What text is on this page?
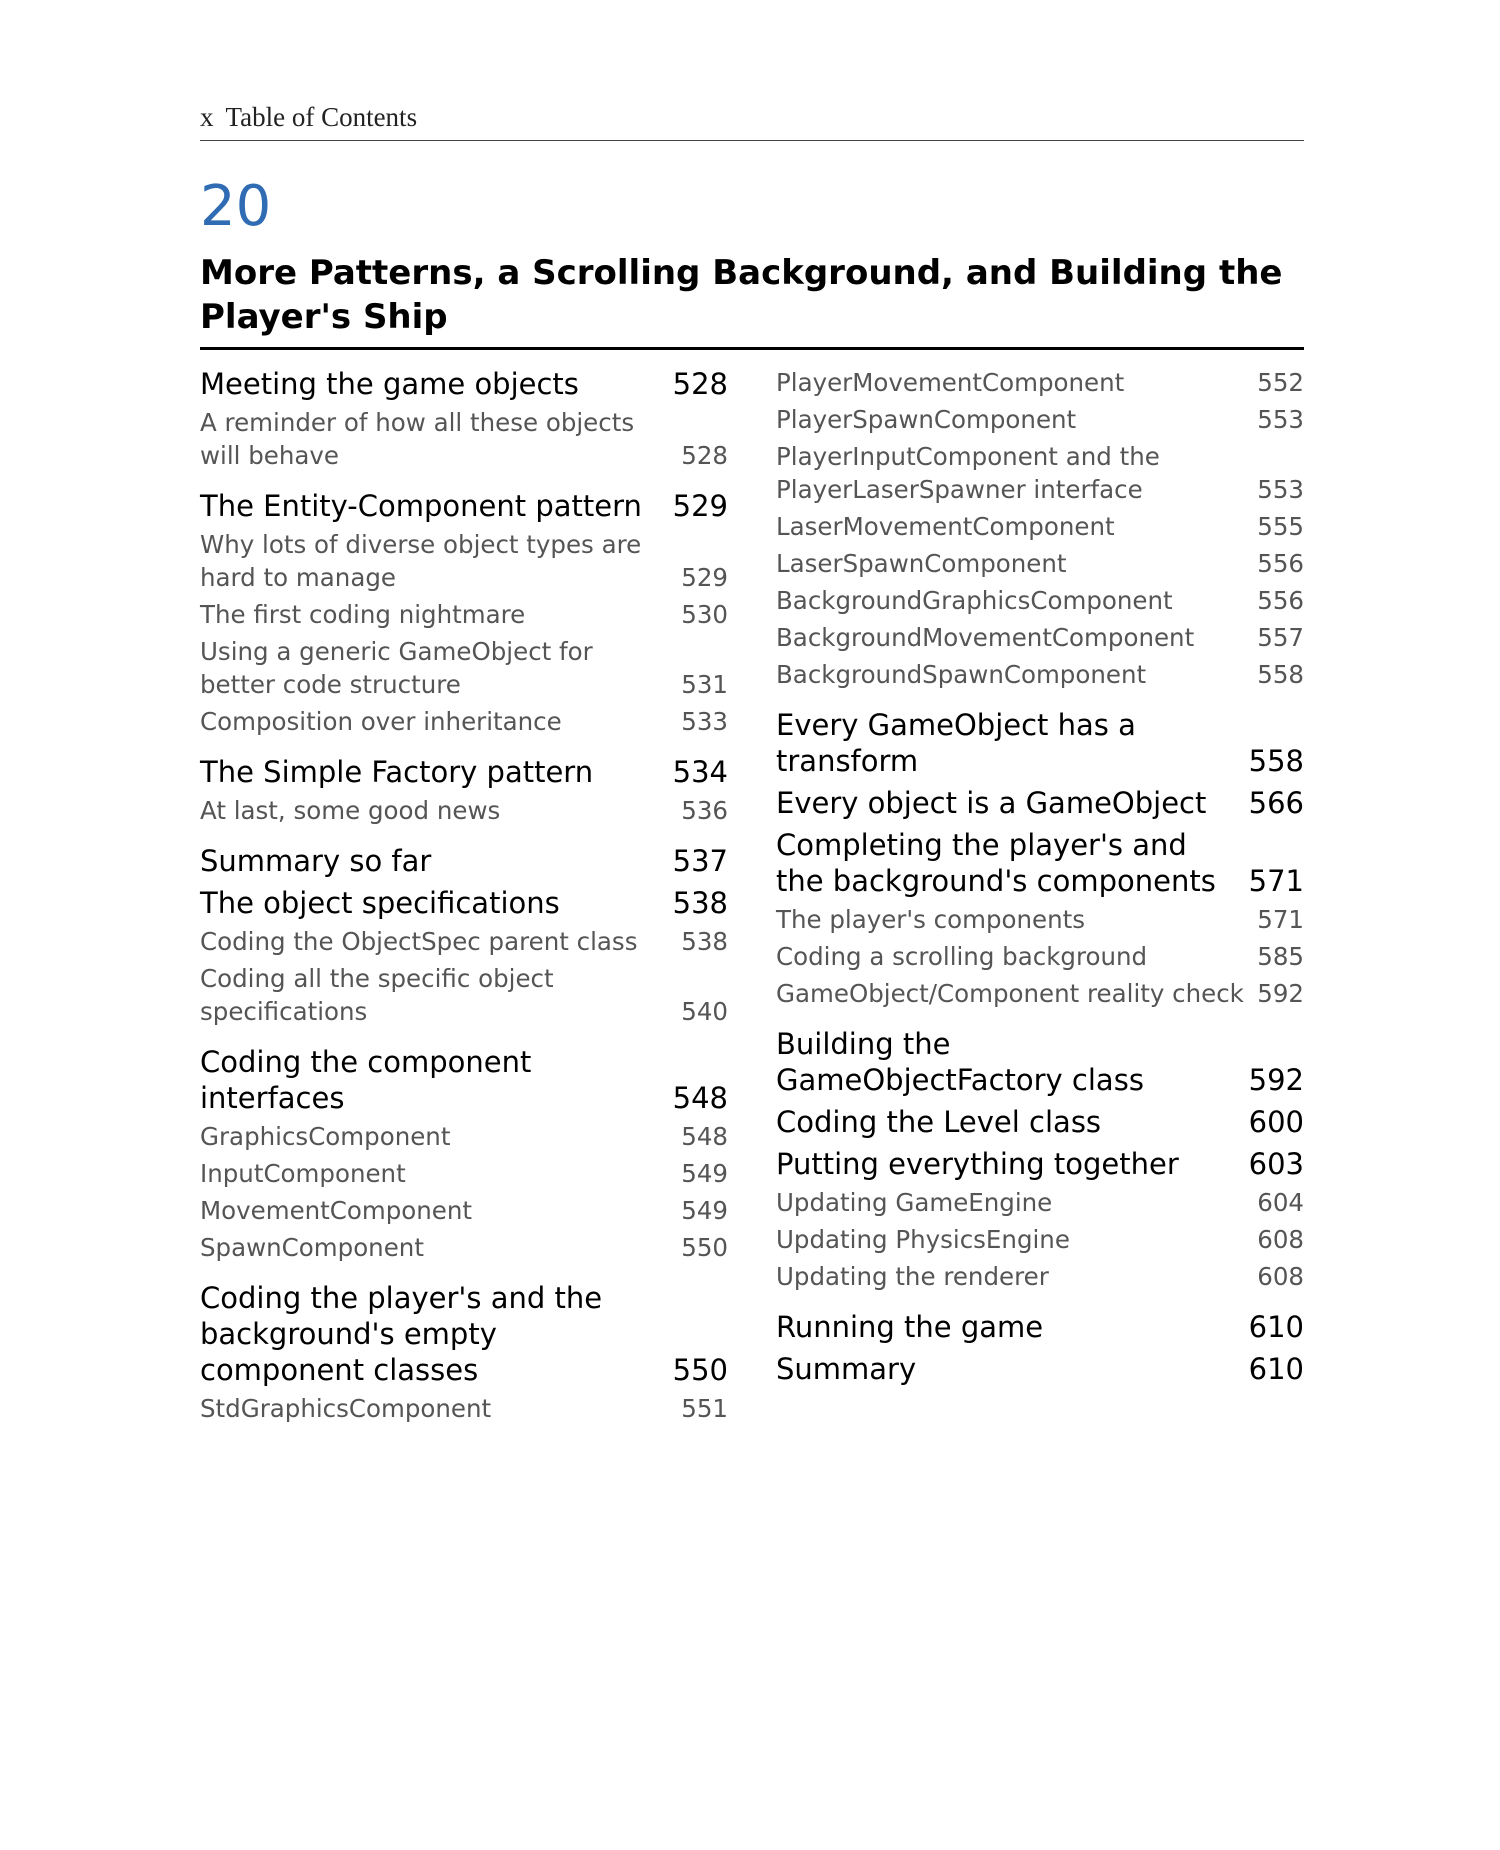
x Table of Contents
20
More Patterns, a Scrolling Background, and Building the Player's Ship
Meeting the game objects	528
A reminder of how all these objects will behave	528
The Entity-Component pattern	529
Why lots of diverse object types are hard to manage	529
The first coding nightmare	530
Using a generic GameObject for better code structure	531
Composition over inheritance	533
The Simple Factory pattern	534
At last, some good news	536
Summary so far	537
The object specifications	538
Coding the ObjectSpec parent class	538
Coding all the specific object specifications	540
Coding the component interfaces	548
GraphicsComponent	548
InputComponent	549
MovementComponent	549
SpawnComponent	550
Coding the player's and the background's empty component classes	550
StdGraphicsComponent	551
PlayerMovementComponent	552
PlayerSpawnComponent	553
PlayerInputComponent and the PlayerLaserSpawner interface	553
LaserMovementComponent	555
LaserSpawnComponent	556
BackgroundGraphicsComponent	556
BackgroundMovementComponent	557
BackgroundSpawnComponent	558
Every GameObject has a transform	558
Every object is a GameObject	566
Completing the player's and the background's components	571
The player's components	571
Coding a scrolling background	585
GameObject/Component reality check 592
Building the GameObjectFactory class	592
Coding the Level class	600
Putting everything together	603
Updating GameEngine	604
Updating PhysicsEngine	608
Updating the renderer	608
Running the game	610
Summary	610
